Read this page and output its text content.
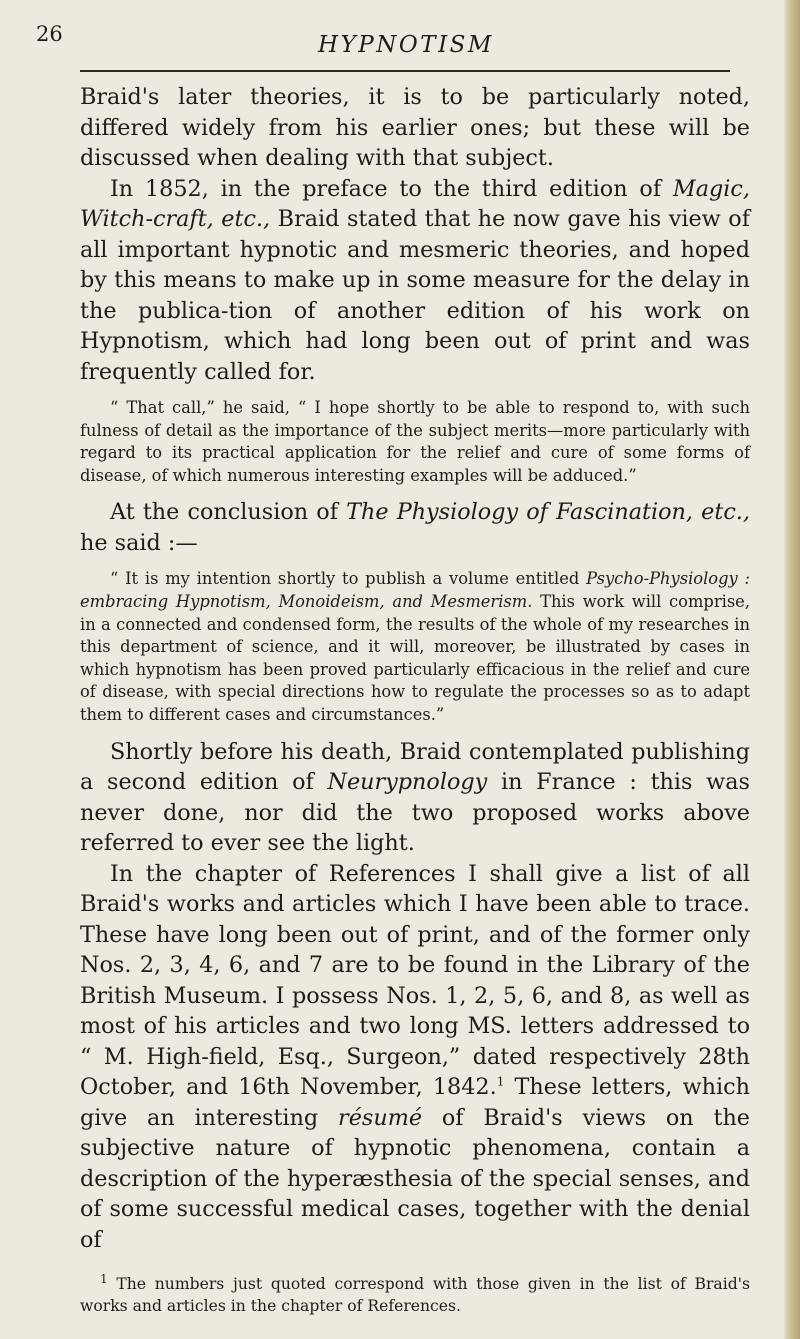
26	HYPNOTISM

Braid's later theories, it is to be particularly noted, differed widely from his earlier ones; but these will be discussed when dealing with that subject.

In 1852, in the preface to the third edition of Magic, Witch-craft, etc., Braid stated that he now gave his view of all important hypnotic and mesmeric theories, and hoped by this means to make up in some measure for the delay in the publica-tion of another edition of his work on Hypnotism, which had long been out of print and was frequently called for.

“ That call,” he said, “ I hope shortly to be able to respond to, with such fulness of detail as the importance of the subject merits—more particularly with regard to its practical application for the relief and cure of some forms of disease, of which numerous interesting examples will be adduced.”

At the conclusion of The Physiology of Fascination, etc., he said :—

“ It is my intention shortly to publish a volume entitled Psycho-Physiology : embracing Hypnotism, Monoideism, and Mesmerism. This work will comprise, in a connected and condensed form, the results of the whole of my researches in this department of science, and it will, moreover, be illustrated by cases in which hypnotism has been proved particularly efficacious in the relief and cure of disease, with special directions how to regulate the processes so as to adapt them to different cases and circumstances.”

Shortly before his death, Braid contemplated publishing a second edition of Neurypnology in France : this was never done, nor did the two proposed works above referred to ever see the light.

In the chapter of References I shall give a list of all Braid's works and articles which I have been able to trace. These have long been out of print, and of the former only Nos. 2, 3, 4, 6, and 7 are to be found in the Library of the British Museum. I possess Nos. 1, 2, 5, 6, and 8, as well as most of his articles and two long MS. letters addressed to “ M. High-field, Esq., Surgeon,” dated respectively 28th October, and 16th November, 1842.$^1$ These letters, which give an interesting résumé of Braid's views on the subjective nature of hypnotic phenomena, contain a description of the hyperæsthesia of the special senses, and of some successful medical cases, together with the denial of

$^1$ The numbers just quoted correspond with those given in the list of Braid's works and articles in the chapter of References.
